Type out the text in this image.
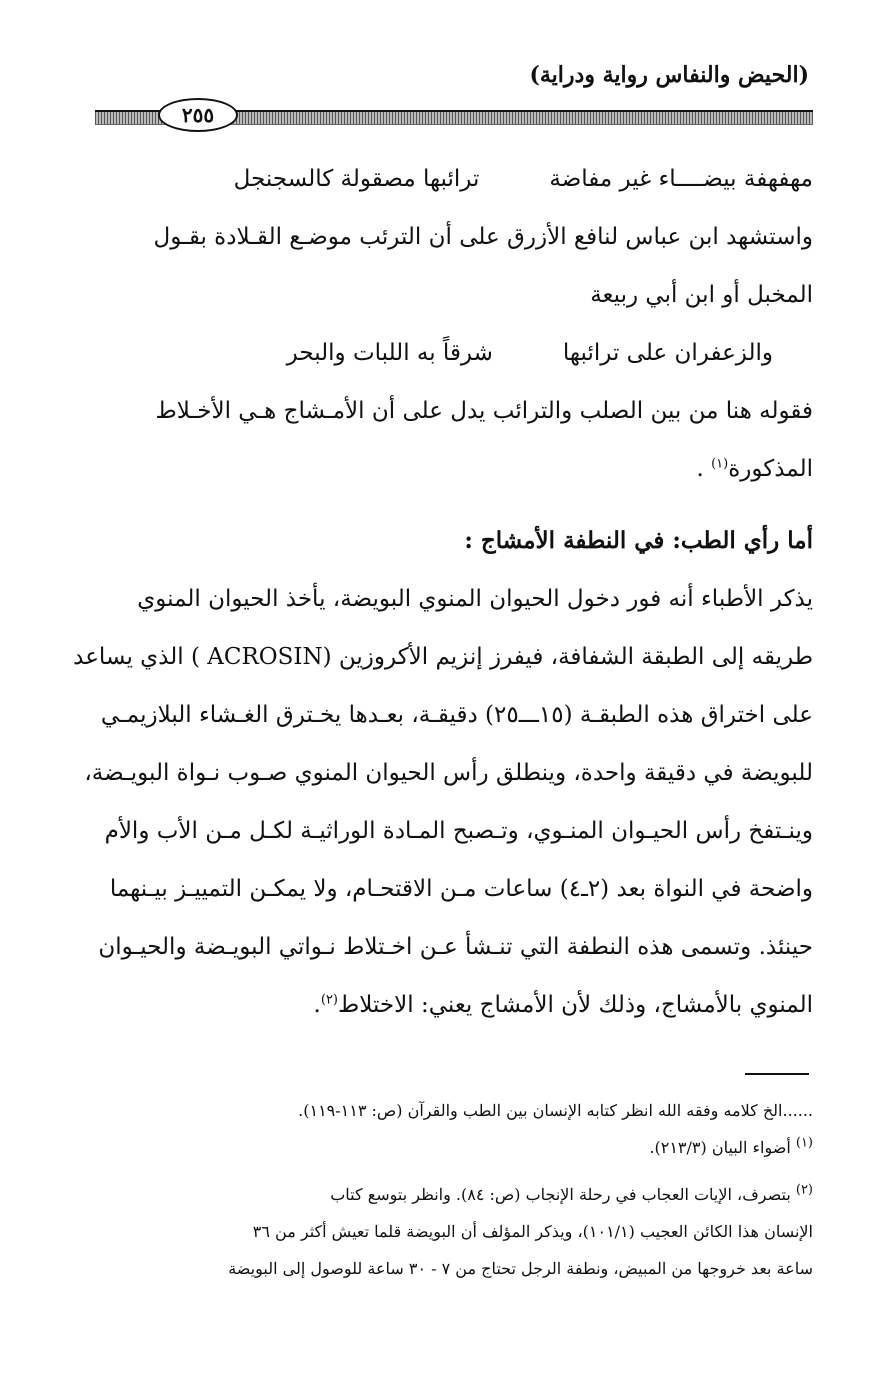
(الحيض والنفاس رواية ودراية)
٢٥٥
مهفهفة بيضــــاء غير مفاضة
ترائبها مصقولة كالسجنجل
واستشهد ابن عباس لنافع الأزرق على أن الترئب موضـع القـلادة بقـول
المخبل أو ابن أبي ربيعة
والزعفران على ترائبها
شرقاً به اللبات والبحر
فقوله هنا من بين الصلب والترائب يدل على أن الأمـشاج هـي الأخـلاط
المذكورة$^{(١)}$ .
أما رأي الطب: في النطفة الأمشاج :
يذكر الأطباء أنه فور دخول الحيوان المنوي البويضة، يأخذ الحيوان المنوي
طريقه إلى الطبقة الشفافة، فيفرز إنزيم الأكروزين (ACROSIN ) الذي يساعد
على اختراق هذه الطبقـة (١٥ـــ٢٥) دقيقـة، بعـدها يخـترق الغـشاء البلازيمـي
للبويضة في دقيقة واحدة، وينطلق رأس الحيوان المنوي صـوب نـواة البويـضة،
وينـتفخ رأس الحيـوان المنـوي، وتـصبح المـادة الوراثيـة لكـل مـن الأب والأم
واضحة في النواة بعد (٢ـ٤) ساعات مـن الاقتحـام، ولا يمكـن التمييـز بيـنهما
حينئذ. وتسمى هذه النطفة التي تنـشأ عـن اخـتلاط نـواتي البويـضة والحيـوان
المنوي بالأمشاج، وذلك لأن الأمشاج يعني: الاختلاط$^{(٢)}$.
......الخ كلامه وفقه الله انظر كتابه الإنسان بين الطب والقرآن (ص: ١١٣-١١٩).
$^{(١)}$ أضواء البيان (٢١٣/٣).
$^{(٢)}$ بتصرف، الإيات العجاب في رحلة الإنجاب (ص: ٨٤). وانظر بتوسع كتاب
الإنسان هذا الكائن العجيب (١٠١/١)، ويذكر المؤلف أن البويضة قلما تعيش أكثر من ٣٦
ساعة بعد خروجها من المبيض، ونطفة الرجل تحتاج من ٧ - ٣٠ ساعة للوصول إلى البويضة
